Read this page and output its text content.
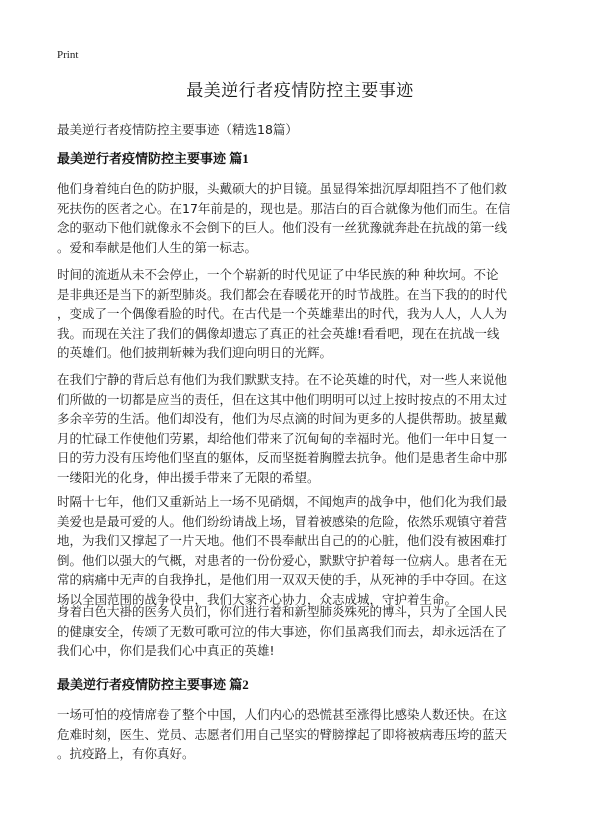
Print
最美逆行者疫情防控主要事迹
最美逆行者疫情防控主要事迹（精选18篇）
最美逆行者疫情防控主要事迹 篇1
他们身着纯白色的防护服，头戴硕大的护目镜。虽显得笨拙沉厚却阻挡不了他们救
死扶伤的医者之心。在17年前是的，现也是。那洁白的百合就像为他们而生。在信
念的驱动下他们就像永不会倒下的巨人。他们没有一丝犹豫就奔赴在抗战的第一线
。爱和奉献是他们人生的第一标志。
时间的流逝从未不会停止，一个个崭新的时代见证了中华民族的种 种坎坷。不论
是非典还是当下的新型肺炎。我们都会在春暖花开的时节战胜。在当下我的的时代
，变成了一个偶像看脸的时代。在古代是一个英雄辈出的时代，我为人人，人人为
我。而现在关注了我们的偶像却遗忘了真正的社会英雄!看看吧，现在在抗战一线
的英雄们。他们披荆斩棘为我们迎向明日的光辉。
在我们宁静的背后总有他们为我们默默支持。在不论英雄的时代，对一些人来说他
们所做的一切都是应当的责任，但在这其中他们明明可以过上按时按点的不用太过
多余辛劳的生活。他们却没有，他们为尽点滴的时间为更多的人提供帮助。披星戴
月的忙碌工作使他们劳累，却给他们带来了沉甸甸的幸福时光。他们一年中日复一
日的劳力没有压垮他们坚直的躯体，反而坚挺着胸膛去抗争。他们是患者生命中那
一缕阳光的化身，伸出援手带来了无限的希望。
时隔十七年，他们又重新站上一场不见硝烟，不闻炮声的战争中，他们化为我们最
美爱也是最可爱的人。他们纷纷请战上场，冒着被感染的危险，依然乐观镇守着营
地，为我们又撑起了一片天地。他们不畏奉献出自己的的心脏，他们没有被困难打
倒。他们以强大的气概，对患者的一份份爱心，默默守护着每一位病人。患者在无
常的病痛中无声的自我挣扎，是他们用一双双天使的手，从死神的手中夺回。在这
场以全国范围的战争役中，我们大家齐心协力，众志成城，守护着生命。
身着白色大褂的医务人员们，你们进行着和新型肺炎殊死的博斗，只为了全国人民
的健康安全，传颂了无数可歌可泣的伟大事迹，你们虽离我们而去，却永远活在了
我们心中，你们是我们心中真正的英雄!
最美逆行者疫情防控主要事迹 篇2
一场可怕的疫情席卷了整个中国，人们内心的恐慌甚至涨得比感染人数还快。在这
危难时刻，医生、党员、志愿者们用自己坚实的臂膀撑起了即将被病毒压垮的蓝天
。抗疫路上，有你真好。
